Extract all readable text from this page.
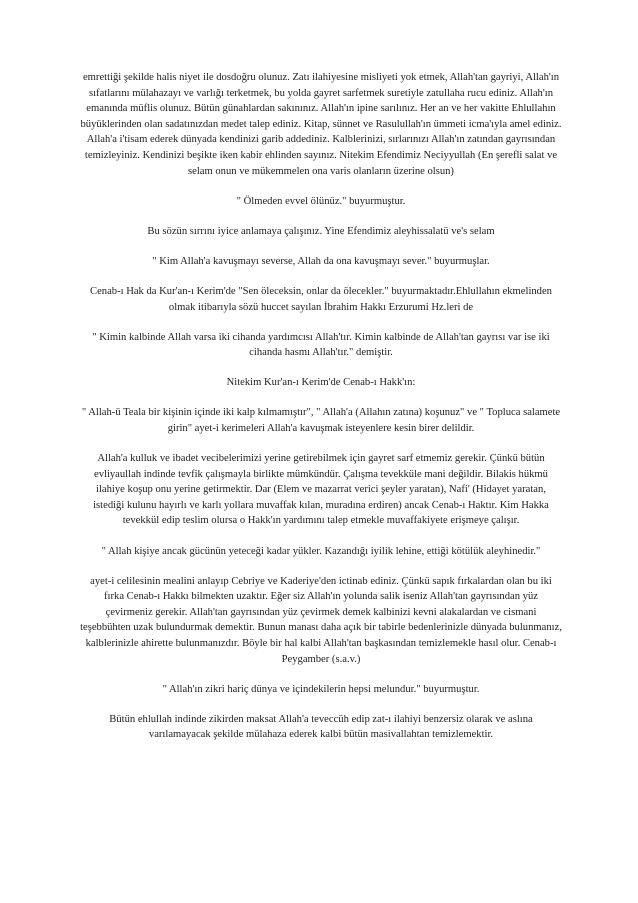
emrettiği şekilde halis niyet ile dosdoğru olunuz. Zatı ilahiyesine misliyeti yok etmek, Allah'tan gayriyi, Allah'ın sıfatlarını mülahazayı ve varlığı terketmek, bu yolda gayret sarfetmek suretiyle zatullaha rucu ediniz. Allah'ın emanında müflis olunuz. Bütün günahlardan sakınınız. Allah'ın ipine sarılınız. Her an ve her vakitte Ehlullahın büyüklerinden olan sadatınızdan medet talep ediniz. Kitap, sünnet ve Rasulullah'ın ümmeti icma'ıyla amel ediniz. Allah'a i'tisam ederek dünyada kendinizi garib addediniz. Kalblerinizi, sırlarınızı Allah'ın zatından gayrısından temizleyiniz. Kendinizi beşikte iken kabir ehlinden sayınız. Nitekim Efendimiz Neciyyullah (En şerefli salat ve selam onun ve mükemmelen ona varis olanların üzerine olsun)

" Ölmeden evvel ölünüz." buyurmuştur.

Bu sözün sırrını iyice anlamaya çalışınız. Yine Efendimiz aleyhissalatü ve's selam

" Kim Allah'a kavuşmayı severse, Allah da ona kavuşmayı sever." buyurmuşlar.

Cenab-ı Hak da Kur'an-ı Kerim'de "Sen öleceksin, onlar da ölecekler." buyurmaktadır.Ehlullahın ekmelinden olmak itibarıyla sözü huccet sayılan İbrahim Hakkı Erzurumi Hz.leri de

" Kimin kalbinde Allah varsa iki cihanda yardımcısı Allah'tır. Kimin kalbinde de Allah'tan gayrısı var ise iki cihanda hasmı Allah'tır." demiştir.

Nitekim Kur'an-ı Kerim'de Cenab-ı Hakk'ın:

" Allah-ü Teala bir kişinin içinde iki kalp kılmamıştır", " Allah'a (Allahın zatına) koşunuz" ve " Topluca salamete girin" ayet-i kerimeleri Allah'a kavuşmak isteyenlere kesin birer delildir.

Allah'a kulluk ve ibadet vecibelerimizi yerine getirebilmek için gayret sarf etmemiz gerekir. Çünkü bütün evliyaullah indinde tevfik çalışmayla birlikte mümkündür. Çalışma tevekküle mani değildir. Bilakis hükmü ilahiye koşup onu yerine getirmektir. Dar (Elem ve mazarrat verici şeyler yaratan), Nafi' (Hidayet yaratan, istediği kulunu hayırlı ve karlı yollara muvaffak kılan, muradına erdiren) ancak Cenab-ı Haktır. Kim Hakka tevekkül edip teslim olursa o Hakk'ın yardımını talep etmekle muvaffakiyete erişmeye çalışır.

" Allah kişiye ancak gücünün yeteceği kadar yükler. Kazandığı iyilik lehine, ettiği kötülük aleyhinedir."

ayet-i celilesinin mealini anlayıp Cebriye ve Kaderiye'den ictinab ediniz. Çünkü sapık fırkalardan olan bu iki fırka Cenab-ı Hakkı bilmekten uzaktır. Eğer siz Allah'ın yolunda salik iseniz Allah'tan gayrısından yüz çevirmeniz gerekir. Allah'tan gayrısından yüz çevirmek demek kalbinizi kevni alakalardan ve cismani teşebbühten uzak bulundurmak demektir. Bunun manası daha açık bir tabirle bedenlerinizle dünyada bulunmanız, kalblerinizle ahirette bulunmanızdır. Böyle bir hal kalbi Allah'tan başkasından temizlemekle hasıl olur. Cenab-ı Peygamber (s.a.v.)

" Allah'ın zikri hariç dünya ve içindekilerin hepsi melundur." buyurmuştur.

Bütün ehlullah indinde zikirden maksat Allah'a teveccüh edip zat-ı ilahiyi benzersiz olarak ve aslına varılamayacak şekilde mülahaza ederek kalbi bütün masivallahtan temizlemektir.
